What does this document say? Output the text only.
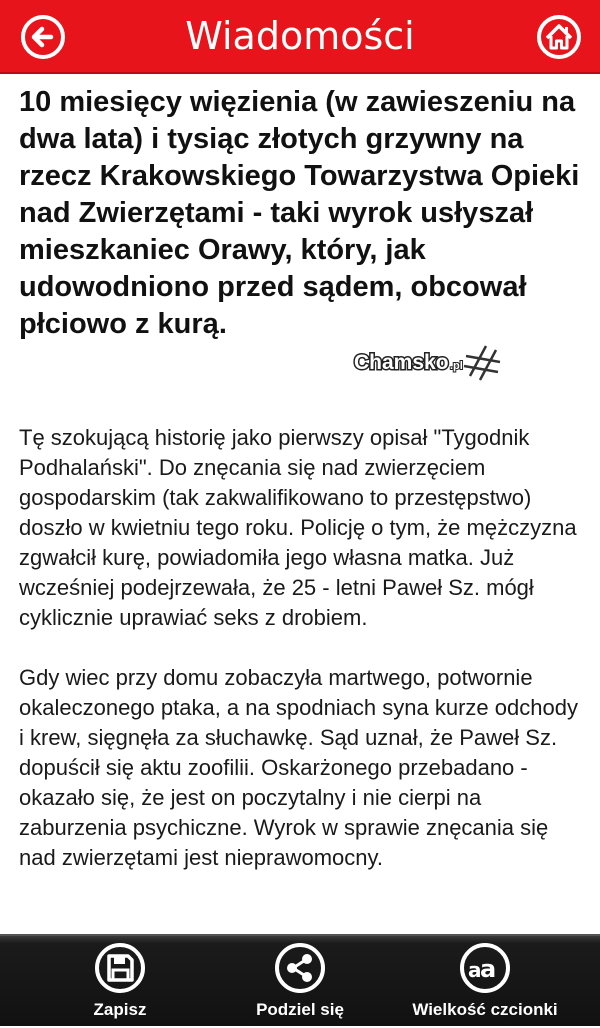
Wiadomości
10 miesięcy więzienia (w zawieszeniu na dwa lata) i tysiąc złotych grzywny na rzecz Krakowskiego Towarzystwa Opieki nad Zwierzętami - taki wyrok usłyszał mieszkaniec Orawy, który, jak udowodniono przed sądem, obcował płciowo z kurą.
Chamsko .pl

Tę szokującą historię jako pierwszy opisał "Tygodnik Podhalański". Do znęcania się nad zwierzęciem gospodarskim (tak zakwalifikowano to przestępstwo) doszło w kwietniu tego roku. Policję o tym, że mężczyzna zgwałcił kurę, powiadomiła jego własna matka. Już wcześniej podejrzewała, że 25 - letni Paweł Sz. mógł cyklicznie uprawiać seks z drobiem.

Gdy wiec przy domu zobaczyła martwego, potwornie okaleczonego ptaka, a na spodniach syna kurze odchody i krew, sięgnęła za słuchawkę. Sąd uznał, że Paweł Sz. dopuścił się aktu zoofilii. Oskarżonego przebadano - okazało się, że jest on poczytalny i nie cierpi na zaburzenia psychiczne. Wyrok w sprawie znęcania się nad zwierzętami jest nieprawomocny.

Zapisz	Podziel się
a
a
Wielkość czcionki
